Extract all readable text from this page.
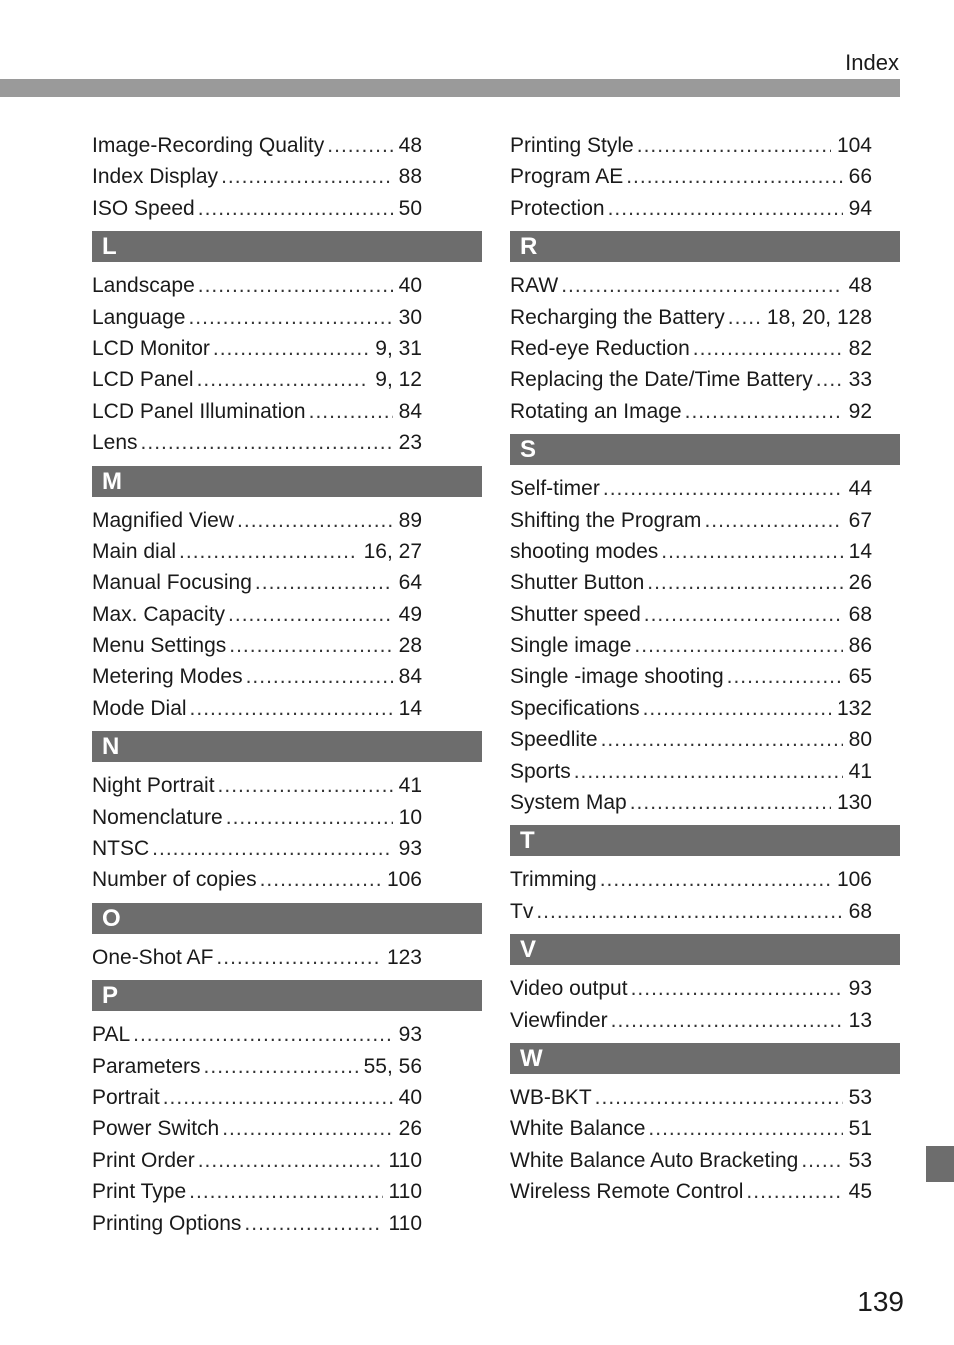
Index
Image-Recording Quality .....	48
Index Display .....	88
ISO Speed .....	50
L
Landscape .....	40
Language .....	30
LCD Monitor .....	9, 31
LCD Panel .....	9, 12
LCD Panel Illumination .....	84
Lens .....	23
M
Magnified View .....	89
Main dial .....	16, 27
Manual Focusing .....	64
Max. Capacity .....	49
Menu Settings .....	28
Metering Modes .....	84
Mode Dial .....	14
N
Night Portrait .....	41
Nomenclature .....	10
NTSC .....	93
Number of copies .....	106
O
One-Shot AF .....	123
P
PAL .....	93
Parameters .....	55, 56
Portrait .....	40
Power Switch .....	26
Print Order .....	110
Print Type .....	110
Printing Options .....	110
Printing Style .....	104
Program AE .....	66
Protection .....	94
R
RAW .....	48
Recharging the Battery ..... 18, 20, 128
Red-eye Reduction .....	82
Replacing the Date/Time Battery ..... 33
Rotating an Image .....	92
S
Self-timer .....	44
Shifting the Program .....	67
shooting modes .....	14
Shutter Button .....	26
Shutter speed .....	68
Single image .....	86
Single -image shooting .....	65
Specifications .....	132
Speedlite .....	80
Sports .....	41
System Map .....	130
T
Trimming .....	106
Tv .....	68
V
Video output .....	93
Viewfinder .....	13
W
WB-BKT .....	53
White Balance .....	51
White Balance Auto Bracketing ..... 53
Wireless Remote Control .....	45
139
